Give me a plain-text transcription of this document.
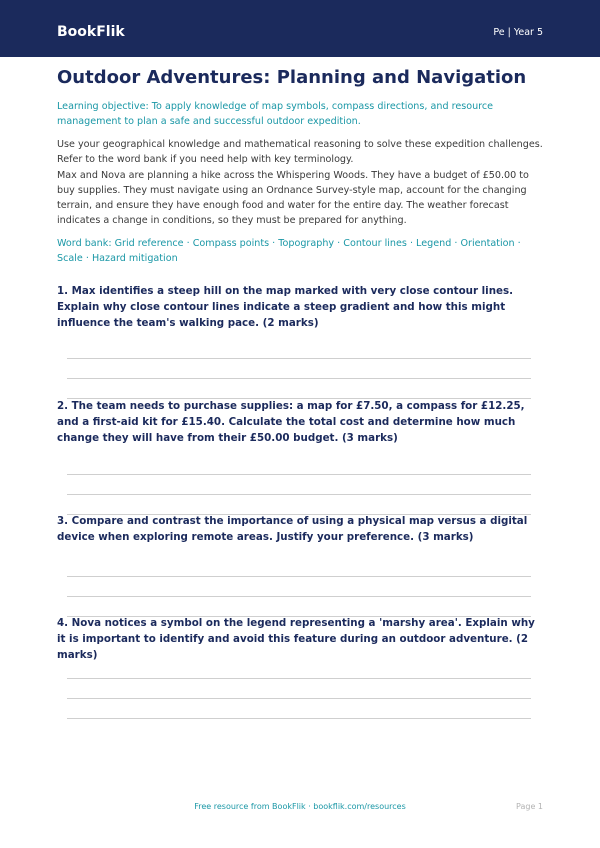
BookFlik	Pe | Year 5
Outdoor Adventures: Planning and Navigation

Learning objective: To apply knowledge of map symbols, compass directions, and resource management to plan a safe and successful outdoor expedition.

Use your geographical knowledge and mathematical reasoning to solve these expedition challenges. Refer to the word bank if you need help with key terminology.

Max and Nova are planning a hike across the Whispering Woods. They have a budget of £50.00 to buy supplies. They must navigate using an Ordnance Survey-style map, account for the changing terrain, and ensure they have enough food and water for the entire day. The weather forecast indicates a change in conditions, so they must be prepared for anything.

Word bank: Grid reference · Compass points · Topography · Contour lines · Legend · Orientation · Scale · Hazard mitigation

1. Max identifies a steep hill on the map marked with very close contour lines. Explain why close contour lines indicate a steep gradient and how this might influence the team's walking pace. (2 marks)

2. The team needs to purchase supplies: a map for £7.50, a compass for £12.25, and a first-aid kit for £15.40. Calculate the total cost and determine how much change they will have from their £50.00 budget. (3 marks)

3. Compare and contrast the importance of using a physical map versus a digital device when exploring remote areas. Justify your preference. (3 marks)

4. Nova notices a symbol on the legend representing a 'marshy area'. Explain why it is important to identify and avoid this feature during an outdoor adventure. (2 marks)

Free resource from BookFlik · bookflik.com/resources	Page 1
